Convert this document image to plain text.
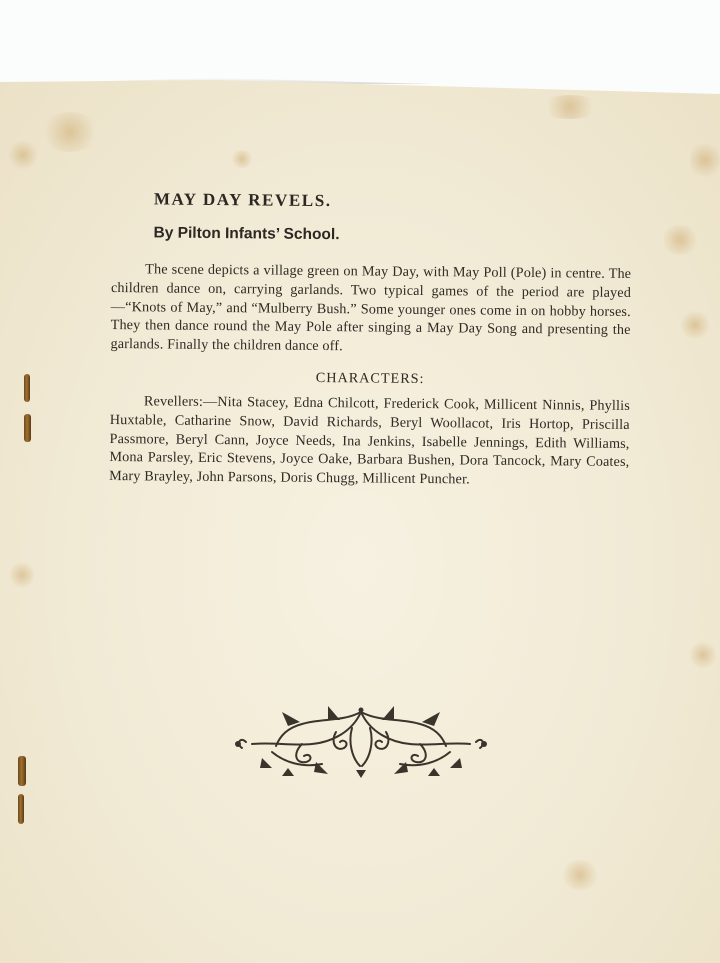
MAY DAY REVELS.
By Pilton Infants’ School.

The scene depicts a village green on May Day, with May Poll (Pole) in centre. The children dance on, carrying garlands. Two typical games of the period are played—“Knots of May,” and “Mulberry Bush.” Some younger ones come in on hobby horses. They then dance round the May Pole after singing a May Day Song and presenting the garlands. Finally the children dance off.

CHARACTERS:

Revellers:—Nita Stacey, Edna Chilcott, Frederick Cook, Millicent Ninnis, Phyllis Huxtable, Catharine Snow, David Richards, Beryl Woollacot, Iris Hortop, Priscilla Passmore, Beryl Cann, Joyce Needs, Ina Jenkins, Isabelle Jennings, Edith Williams, Mona Parsley, Eric Stevens, Joyce Oake, Barbara Bushen, Dora Tancock, Mary Coates, Mary Brayley, John Parsons, Doris Chugg, Millicent Puncher.
